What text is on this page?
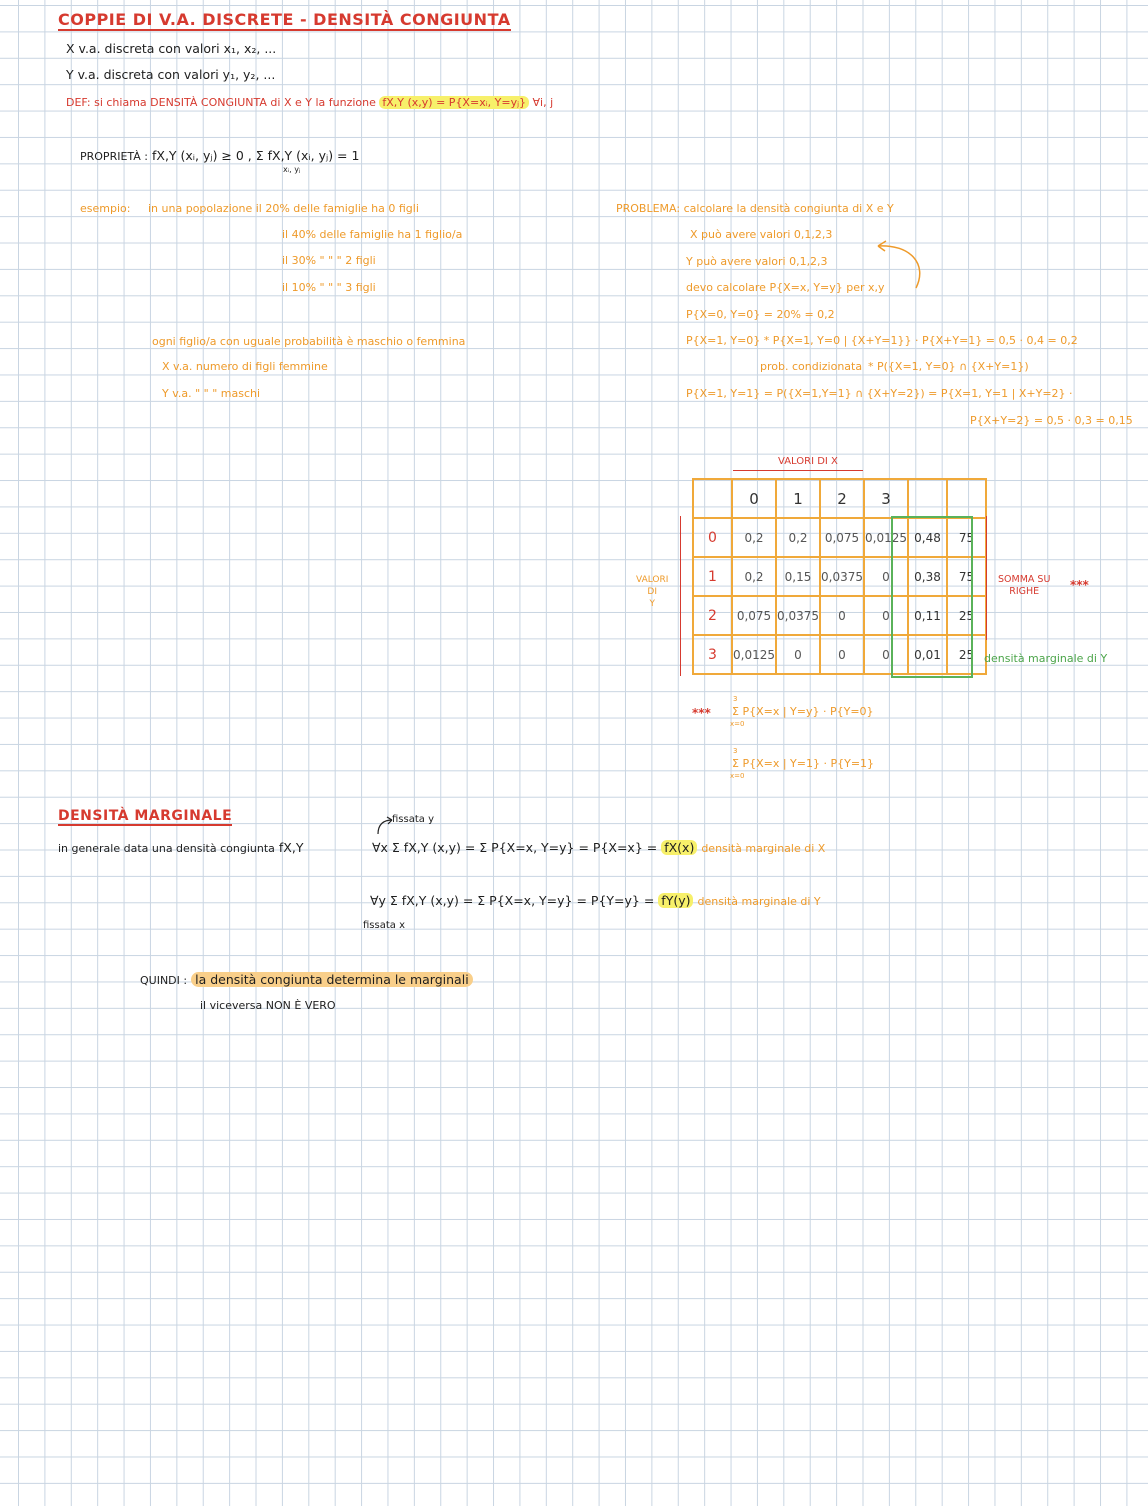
COPPIE DI V.A. DISCRETE - DENSITÀ CONGIUNTA
X v.a. discreta con valori x₁, x₂, ...
Y v.a. discreta con valori y₁, y₂, ...
DEF: si chiama DENSITÀ CONGIUNTA di X e Y la funzione fX,Y (x,y) = P{X=xᵢ, Y=yⱼ} ∀i, j
PROPRIETÀ : fX,Y (xᵢ, yⱼ) ≥ 0 , Σ fX,Y (xᵢ, yⱼ) = 1
xᵢ, yⱼ
esempio: in una popolazione il 20% delle famiglie ha 0 figli
il 40% delle famiglie ha 1 figlio/a
il 30% " " " 2 figli
il 10% " " " 3 figli
ogni figlio/a con uguale probabilità è maschio o femmina
X v.a. numero di figli femmine
Y v.a. " " " maschi
PROBLEMA: calcolare la densità congiunta di X e Y
X può avere valori 0,1,2,3
Y può avere valori 0,1,2,3
devo calcolare P{X=x, Y=y} per x,y
P{X=0, Y=0} = 20% = 0,2
P{X=1, Y=0} * P{X=1, Y=0 | {X+Y=1}} · P{X+Y=1} = 0,5 · 0,4 = 0,2
prob. condizionata * P({X=1, Y=0} ∩ {X+Y=1})
P{X=1, Y=1} = P({X=1,Y=1} ∩ {X+Y=2}) = P{X=1, Y=1 | X+Y=2} ·
P{X+Y=2} = 0,5 · 0,3 = 0,15
VALORI DI X
VALORI
DI
Y
	0	1	2	3		
0	0,2	0,2	0,075	0,0125	0,48	75
1	0,2	0,15	0,0375	0	0,38	75
2	0,075	0,0375	0	0	0,11	25
3	0,0125	0	0	0	0,01	25
SOMMA SU
RIGHE	***
densità marginale di Y
***
3
Σ P{X=x | Y=y} · P{Y=0}
x=0
3
Σ P{X=x | Y=1} · P{Y=1}
x=0
DENSITÀ MARGINALE	fissata y
in generale data una densità congiunta fX,Y	∀x Σ fX,Y (x,y) = Σ P{X=x, Y=y} = P{X=x} = fX(x) densità marginale di X
∀y Σ fX,Y (x,y) = Σ P{X=x, Y=y} = P{Y=y} = fY(y) densità marginale di Y
fissata x
QUINDI : la densità congiunta determina le marginali
il viceversa NON È VERO
